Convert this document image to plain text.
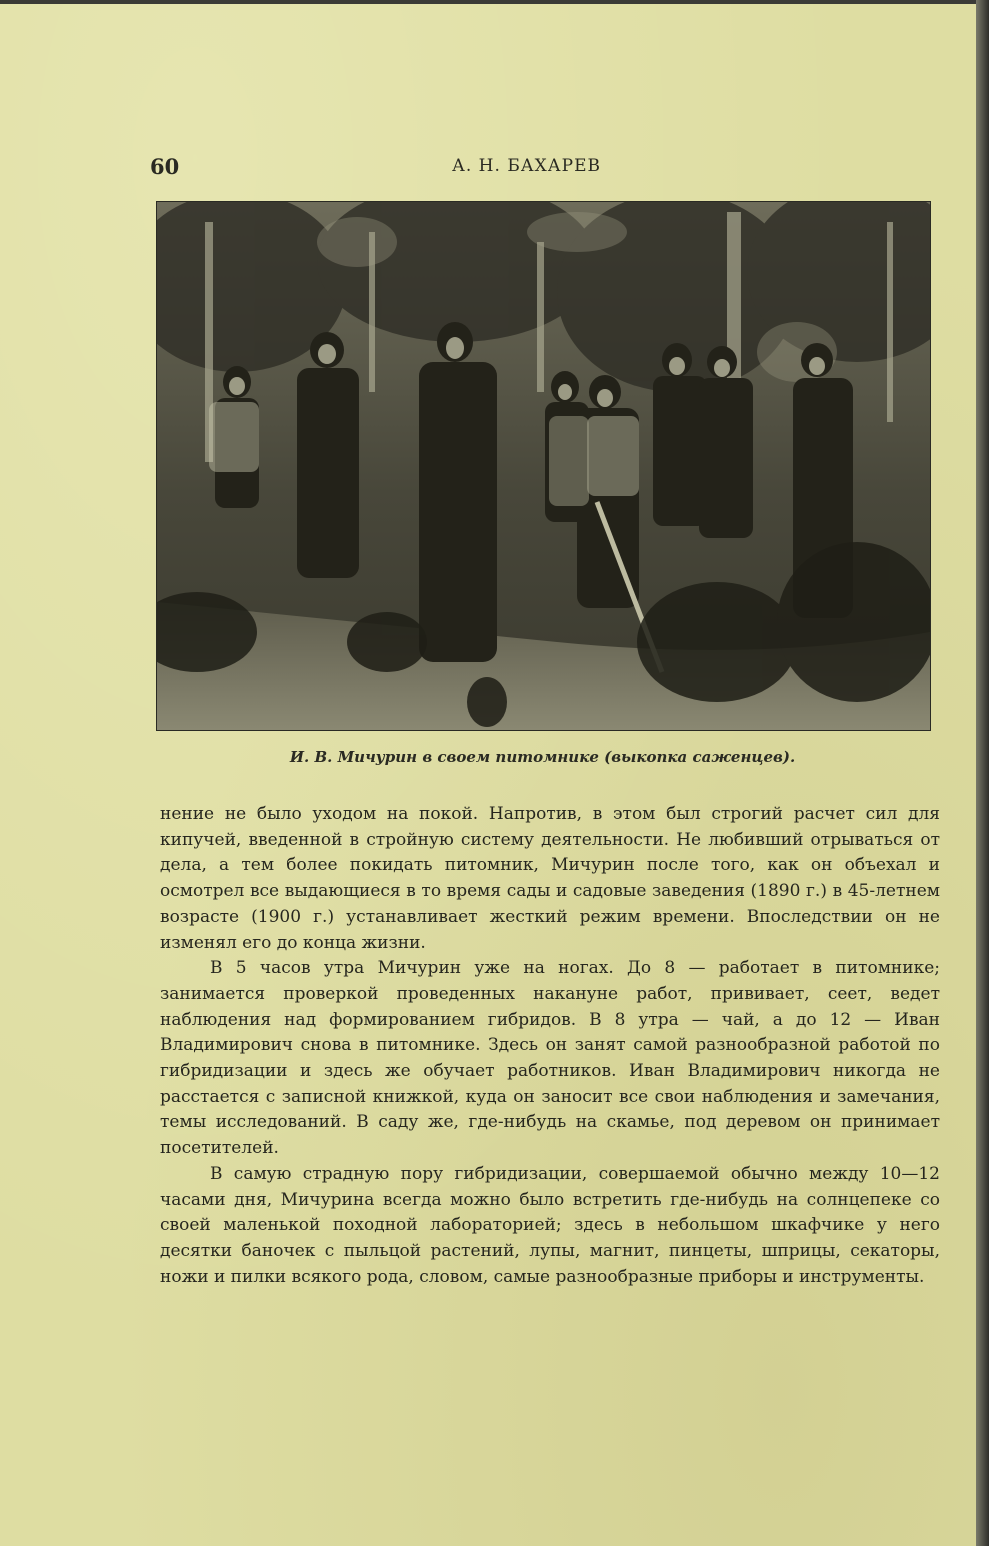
60	А. Н. БАХАРЕВ
И. В. Мичурин в своем питомнике (выкопка саженцев).

нение не было уходом на покой. Напротив, в этом был строгий расчет сил для кипучей, введенной в стройную систему деятельности. Не любивший отрываться от дела, а тем более покидать питомник, Мичурин после того, как он объехал и осмотрел все выдающиеся в то время сады и садовые заведения (1890 г.) в 45-летнем возрасте (1900 г.) устанавливает жесткий режим времени. Впоследствии он не изменял его до конца жизни.

В 5 часов утра Мичурин уже на ногах. До 8 — работает в питомнике; занимается проверкой проведенных накануне работ, прививает, сеет, ведет наблюдения над формированием гибридов. В 8 утра — чай, а до 12 — Иван Владимирович снова в питомнике. Здесь он занят самой разнообразной работой по гибридизации и здесь же обучает работников. Иван Владимирович никогда не расстается с записной книжкой, куда он заносит все свои наблюдения и замечания, темы исследований. В саду же, где-нибудь на скамье, под деревом он принимает посетителей.

В самую страдную пору гибридизации, совершаемой обычно между 10—12 часами дня, Мичурина всегда можно было встретить где-нибудь на солнцепеке со своей маленькой походной лабораторией; здесь в небольшом шкафчике у него десятки баночек с пыльцой растений, лупы, магнит, пинцеты, шприцы, секаторы, ножи и пилки всякого рода, словом, самые разнообразные приборы и инструменты.
